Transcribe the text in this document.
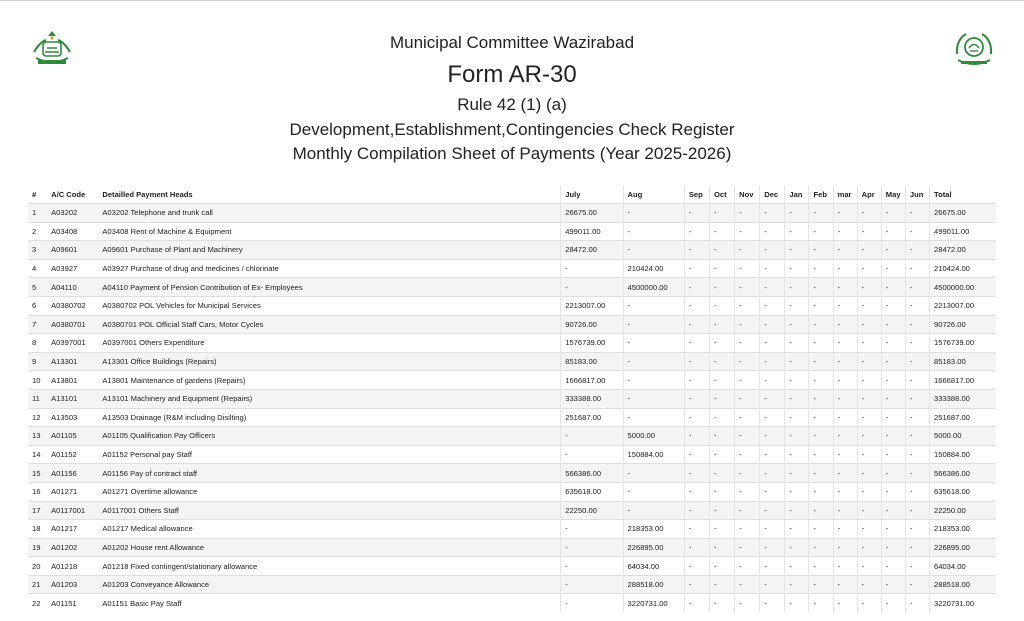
Municipal Committee Wazirabad
Form AR-30
Rule 42 (1) (a)
Development,Establishment,Contingencies Check Register
Monthly Compilation Sheet of Payments (Year 2025-2026)
#	A/C Code	Detailled Payment Heads	July	Aug	Sep	Oct	Nov	Dec	Jan	Feb	mar	Apr	May	Jun	Total
1	A03202	A03202 Telephone and trunk call	26675.00	-	-	-	-	-	-	-	-	-	-	-	26675.00
2	A03408	A03408 Rent of Machine & Equipment	499011.00	-	-	-	-	-	-	-	-	-	-	-	499011.00
3	A09601	A09601 Purchase of Plant and Machinery	28472.00	-	-	-	-	-	-	-	-	-	-	-	28472.00
4	A03927	A03927 Purchase of drug and medicines / chlorinate	-	210424.00	-	-	-	-	-	-	-	-	-	-	210424.00
5	A04110	A04110 Payment of Pension Contribution of Ex- Employees	-	4500000.00	-	-	-	-	-	-	-	-	-	-	4500000.00
6	A0380702	A0380702 POL Vehicles for Municipal Services	2213007.00	-	-	-	-	-	-	-	-	-	-	-	2213007.00
7	A0380701	A0380701 POL Official Staff Cars, Motor Cycles	90726.00	-	-	-	-	-	-	-	-	-	-	-	90726.00
8	A0397001	A0397001 Others Expenditure	1576739.00	-	-	-	-	-	-	-	-	-	-	-	1576739.00
9	A13301	A13301 Office Buildings (Repairs)	85183.00	-	-	-	-	-	-	-	-	-	-	-	85183.00
10	A13801	A13801 Maintenance of gardens (Repairs)	1666817.00	-	-	-	-	-	-	-	-	-	-	-	1666817.00
11	A13101	A13101 Machinery and Equipment (Repairs)	333388.00	-	-	-	-	-	-	-	-	-	-	-	333388.00
12	A13503	A13503 Drainage (R&M including Disilting)	251687.00	-	-	-	-	-	-	-	-	-	-	-	251687.00
13	A01105	A01105 Qualification Pay Officers	-	5000.00	-	-	-	-	-	-	-	-	-	-	5000.00
14	A01152	A01152 Personal pay Staff	-	150884.00	-	-	-	-	-	-	-	-	-	-	150884.00
15	A01156	A01156 Pay of contract staff	566386.00	-	-	-	-	-	-	-	-	-	-	-	566386.00
16	A01271	A01271 Overtime allowance	635618.00	-	-	-	-	-	-	-	-	-	-	-	635618.00
17	A0117001	A0117001 Others Staff	22250.00	-	-	-	-	-	-	-	-	-	-	-	22250.00
18	A01217	A01217 Medical allowance	-	218353.00	-	-	-	-	-	-	-	-	-	-	218353.00
19	A01202	A01202 House rent Allowance	-	226895.00	-	-	-	-	-	-	-	-	-	-	226895.00
20	A01218	A01218 Fixed contingent/stationary allowance	-	64034.00	-	-	-	-	-	-	-	-	-	-	64034.00
21	A01203	A01203 Conveyance Allowance	-	288518.00	-	-	-	-	-	-	-	-	-	-	288518.00
22	A01151	A01151 Basic Pay Staff	-	3220731.00	-	-	-	-	-	-	-	-	-	-	3220731.00
